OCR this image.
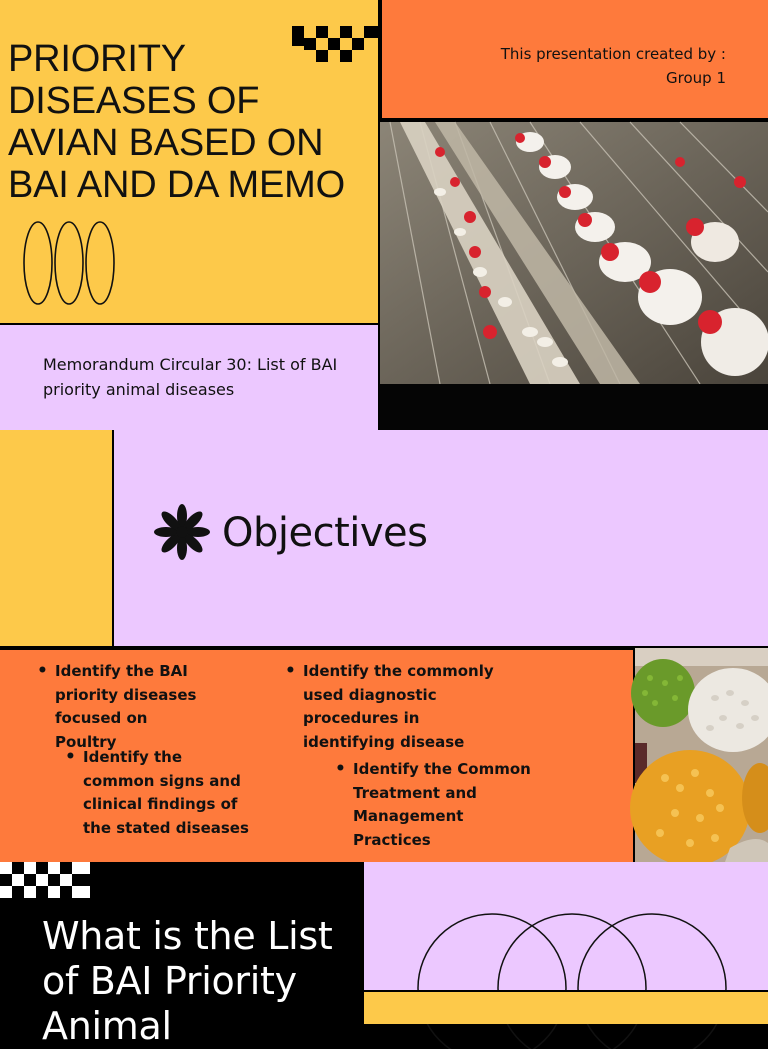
PRIORITY DISEASES OF AVIAN BASED ON BAI AND DA MEMO
This presentation created by :
Group 1
Memorandum Circular 30: List of BAI priority animal diseases
Objectives
• Identify the BAI priority diseases focused on Poultry
• Identify the common signs and clinical findings of the stated diseases
• Identify the commonly used diagnostic procedures in identifying disease
• Identify the Common Treatment and Management Practices
What is the List of BAI Priority Animal
